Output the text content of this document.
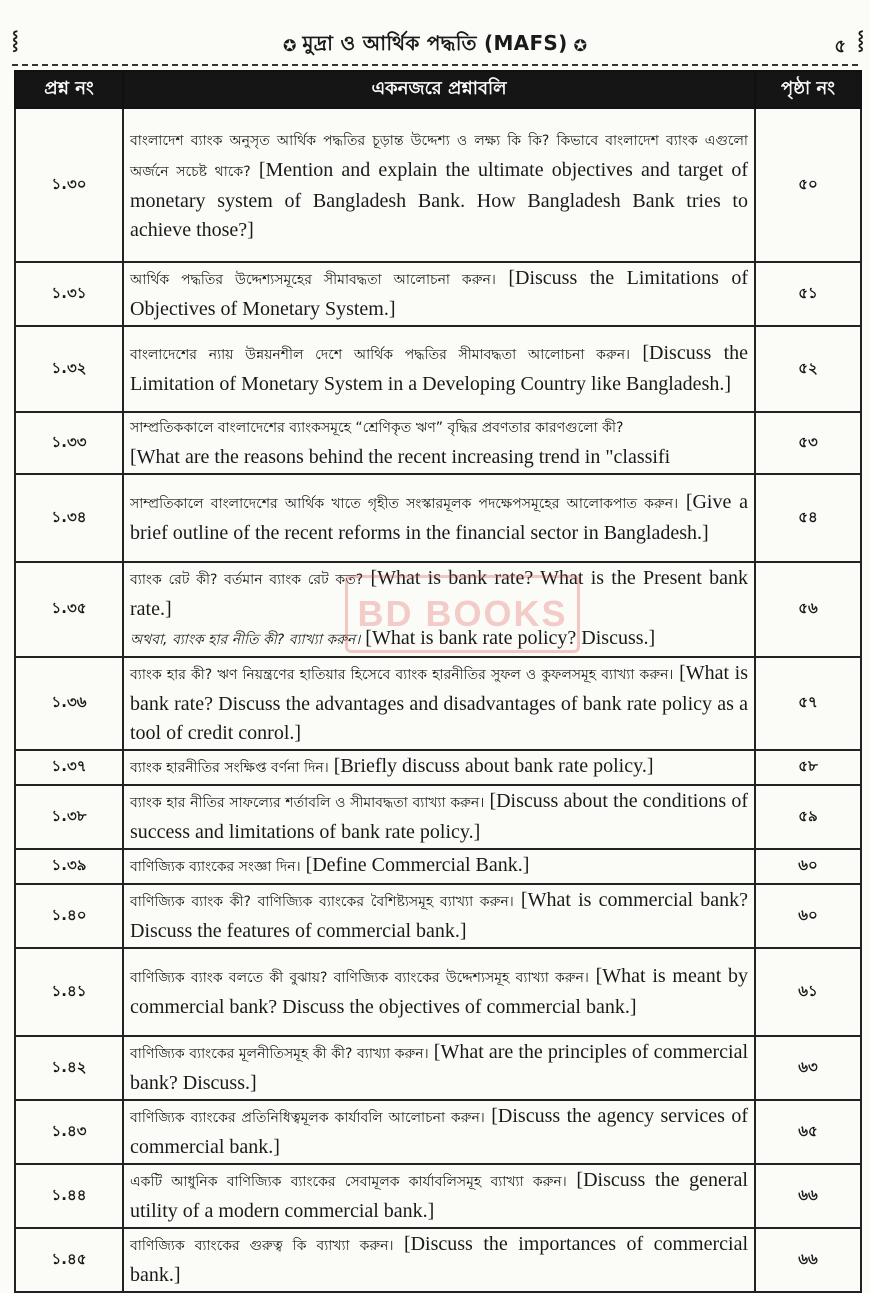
⸾	✪ মুদ্রা ও আর্থিক পদ্ধতি (MAFS) ✪	৫ ⸾
প্রশ্ন নং	একনজরে প্রশ্নাবলি	পৃষ্ঠা নং
১.৩০	বাংলাদেশ ব্যাংক অনুসৃত আর্থিক পদ্ধতির চূড়ান্ত উদ্দেশ্য ও লক্ষ্য কি কি? কিভাবে বাংলাদেশ ব্যাংক এগুলো অর্জনে সচেষ্ট থাকে? [Mention and explain the ultimate objectives and target of monetary system of Bangladesh Bank. How Bangladesh Bank tries to achieve those?]	৫০
১.৩১	আর্থিক পদ্ধতির উদ্দেশ্যসমূহের সীমাবদ্ধতা আলোচনা করুন। [Discuss the Limitations of Objectives of Monetary System.]	৫১
১.৩২	বাংলাদেশের ন্যায় উন্নয়নশীল দেশে আর্থিক পদ্ধতির সীমাবদ্ধতা আলোচনা করুন। [Discuss the Limitation of Monetary System in a Developing Country like Bangladesh.]	৫২
১.৩৩	সাম্প্রতিককালে বাংলাদেশের ব্যাংকসমূহে “শ্রেণিকৃত ঋণ” বৃদ্ধির প্রবণতার কারণগুলো কী?
[What are the reasons behind the recent increasing trend in "classifi	৫৩
১.৩৪	সাম্প্রতিকালে বাংলাদেশের আর্থিক খাতে গৃহীত সংস্কারমূলক পদক্ষেপসমূহের আলোকপাত করুন। [Give a brief outline of the recent reforms in the financial sector in Bangladesh.]	৫৪
১.৩৫	ব্যাংক রেট কী? বর্তমান ব্যাংক রেট কত? [What is bank rate? What is the Present bank rate.]
অথবা, ব্যাংক হার নীতি কী? ব্যাখ্যা করুন। [What is bank rate policy? Discuss.]	৫৬
১.৩৬	ব্যাংক হার কী? ঋণ নিয়ন্ত্রণের হাতিয়ার হিসেবে ব্যাংক হারনীতির সুফল ও কুফলসমূহ ব্যাখ্যা করুন। [What is bank rate? Discuss the advantages and disadvantages of bank rate policy as a tool of credit conrol.]	৫৭
১.৩৭	ব্যাংক হারনীতির সংক্ষিপ্ত বর্ণনা দিন। [Briefly discuss about bank rate policy.]	৫৮
১.৩৮	ব্যাংক হার নীতির সাফল্যের শর্তাবলি ও সীমাবদ্ধতা ব্যাখ্যা করুন। [Discuss about the conditions of success and limitations of bank rate policy.]	৫৯
১.৩৯	বাণিজ্যিক ব্যাংকের সংজ্ঞা দিন। [Define Commercial Bank.]	৬০
১.৪০	বাণিজ্যিক ব্যাংক কী? বাণিজ্যিক ব্যাংকের বৈশিষ্ট্যসমূহ ব্যাখ্যা করুন। [What is commercial bank? Discuss the features of commercial bank.]	৬০
১.৪১	বাণিজ্যিক ব্যাংক বলতে কী বুঝায়? বাণিজ্যিক ব্যাংকের উদ্দেশ্যসমূহ ব্যাখ্যা করুন। [What is meant by commercial bank? Discuss the objectives of commercial bank.]	৬১
১.৪২	বাণিজ্যিক ব্যাংকের মূলনীতিসমূহ কী কী? ব্যাখ্যা করুন। [What are the principles of commercial bank? Discuss.]	৬৩
১.৪৩	বাণিজ্যিক ব্যাংকের প্রতিনিধিত্বমূলক কার্যাবলি আলোচনা করুন। [Discuss the agency services of commercial bank.]	৬৫
১.৪৪	একটি আধুনিক বাণিজ্যিক ব্যাংকের সেবামূলক কার্যাবলিসমূহ ব্যাখ্যা করুন। [Discuss the general utility of a modern commercial bank.]	৬৬
১.৪৫	বাণিজ্যিক ব্যাংকের গুরুত্ব কি ব্যাখ্যা করুন। [Discuss the importances of commercial bank.]	৬৬
BD BOOKS
